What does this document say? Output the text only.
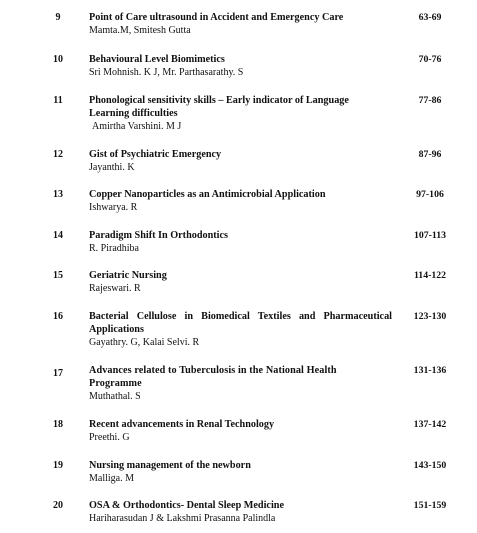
9	Point of Care ultrasound in Accident and Emergency Care
Mamta.M, Smitesh Gutta
63-69
10	Behavioural Level Biomimetics
Sri Mohnish. K J, Mr. Parthasarathy. S
70-76
11	Phonological sensitivity skills – Early indicator of Language Learning difficulties
Amirtha Varshini. M J
77-86
12	Gist of Psychiatric Emergency
Jayanthi. K
87-96
13	Copper Nanoparticles as an Antimicrobial Application
Ishwarya. R
97-106
14	Paradigm Shift In Orthodontics
R. Piradhiba
107-113
15	Geriatric Nursing
Rajeswari. R
114-122
16	Bacterial Cellulose in Biomedical Textiles and Pharmaceutical Applications
Gayathry. G, Kalai Selvi. R
123-130
17	Advances related to Tuberculosis in the National Health Programme
Muthathal. S
131-136
18	Recent advancements in Renal Technology
Preethi. G
137-142
19	Nursing management of the newborn
Malliga. M
143-150
20	OSA & Orthodontics- Dental Sleep Medicine
Hariharasudan J & Lakshmi Prasanna Palindla
151-159
